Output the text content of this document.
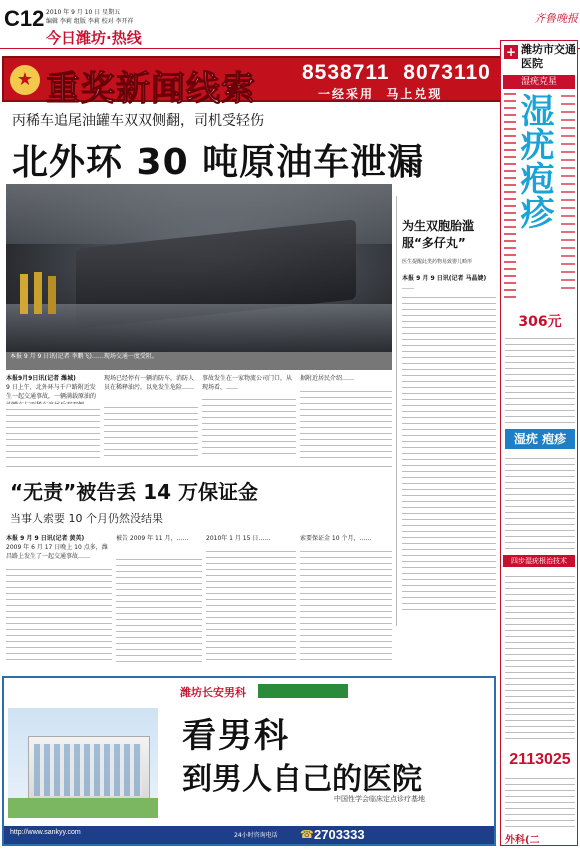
C12 2010 年 9 月 10 日 星期五
编辑 李莉 组版 李莉 校对 李开祥
今日潍坊·热线
齐鲁晚报
★ 重奖新闻线索 8538711  8073110
一经采用  马上兑现
丙稀车追尾油罐车双双侧翻，司机受轻伤
北外环 30 吨原油车泄漏
本报 9 月 9 日讯(记者 李鹏飞)……现场交通一度受阻。
本报9月9日讯(记者 潍城)
9 日上午，北外环与千户路附近发生一起交通事故，一辆满载原油的
现场已经停有一辆消防车，消防人员在稀释油污，以免发生危险……
事故发生在一家物流公司门口，从现场看，……
据附近居民介绍……
为生双胞胎滥服“多仔丸”
医生提醒此类药物易致婴儿畸形
本报 9 月 9 日讯(记者 马晶婕)
……
“无责”被告丢 14 万保证金
当事人索要 10 个月仍然没结果
本报 9 月 9 日讯(记者 黄英)
2009 年 6 月 17 日晚上 10 点多，潍昌路上发生了一起交通事故……
被告 2009 年 11 月，……	2010年 1 月 15 日……	索要保证金 10 个月，……
+ 潍坊市交通医院
湿疣克星
湿疣疱疹
306元
湿疣 疱疹
四步湿疣根治技术
2113025
外科(二
潍坊长安男科
看男科
到男人自己的医院
中国性学会临床定点诊疗基地
http://www.sankyy.com	24小时咨询电话 ☎ 2703333
